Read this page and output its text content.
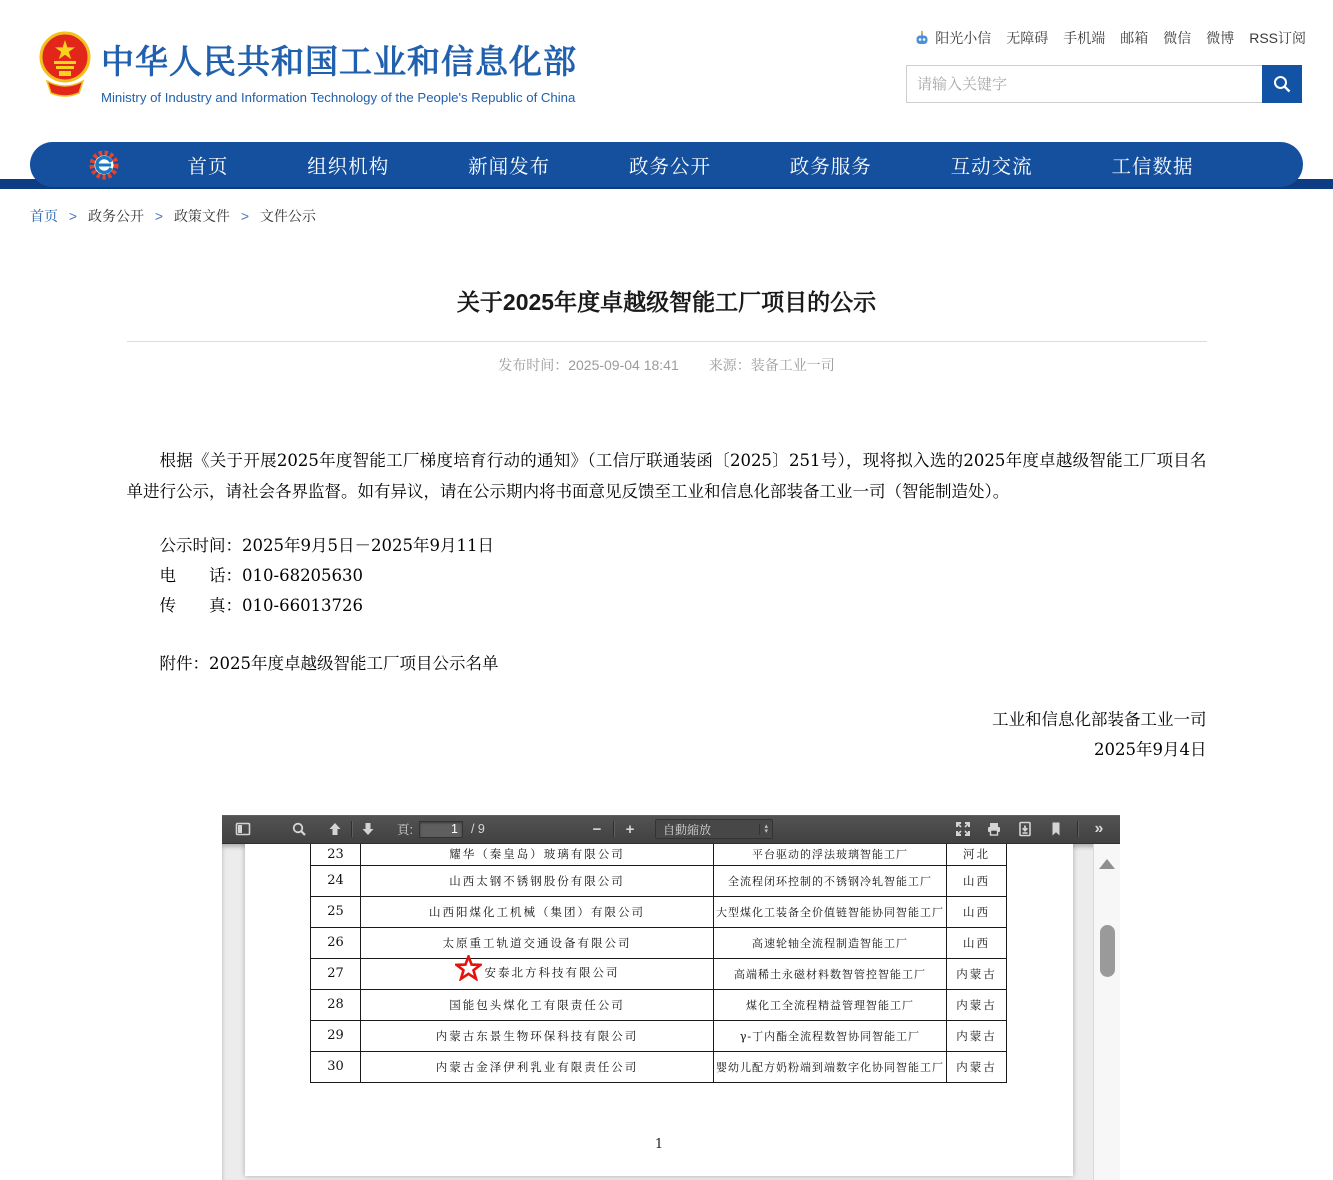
中华人民共和国工业和信息化部
Ministry of Industry and Information Technology of the People's Republic of China
阳光小信 无障碍 手机端 邮箱 微信 微博 RSS订阅
请输入关键字
首页	组织机构	新闻发布	政务公开	政务服务	互动交流	工信数据
首页 > 政务公开 > 政策文件 > 文件公示
关于2025年度卓越级智能工厂项目的公示
发布时间：2025-09-04 18:41 来源：装备工业一司

根据《关于开展2025年度智能工厂梯度培育行动的通知》（工信厅联通装函〔2025〕251号），现将拟入选的2025年度卓越级智能工厂项目名单进行公示，请社会各界监督。如有异议，请在公示期内将书面意见反馈至工业和信息化部装备工业一司（智能制造处）。

公示时间：2025年9月5日－2025年9月11日

电　　话：010-68205630

传　　真：010-66013726

附件：2025年度卓越级智能工厂项目公示名单

工业和信息化部装备工业一司
2025年9月4日
頁:
1	/ 9	− + 自動縮放	▴
▾	»
23	耀华（秦皇岛）玻璃有限公司	平台驱动的浮法玻璃智能工厂	河北
24	山西太钢不锈钢股份有限公司	全流程闭环控制的不锈钢冷轧智能工厂	山西
25	山西阳煤化工机械（集团）有限公司	大型煤化工装备全价值链智能协同智能工厂	山西
26	太原重工轨道交通设备有限公司	高速轮轴全流程制造智能工厂	山西
27	安泰北方科技有限公司	高端稀土永磁材料数智管控智能工厂	内蒙古
28	国能包头煤化工有限责任公司	煤化工全流程精益管理智能工厂	内蒙古
29	内蒙古东景生物环保科技有限公司	γ-丁内酯全流程数智协同智能工厂	内蒙古
30	内蒙古金泽伊利乳业有限责任公司	婴幼儿配方奶粉端到端数字化协同智能工厂	内蒙古
1
